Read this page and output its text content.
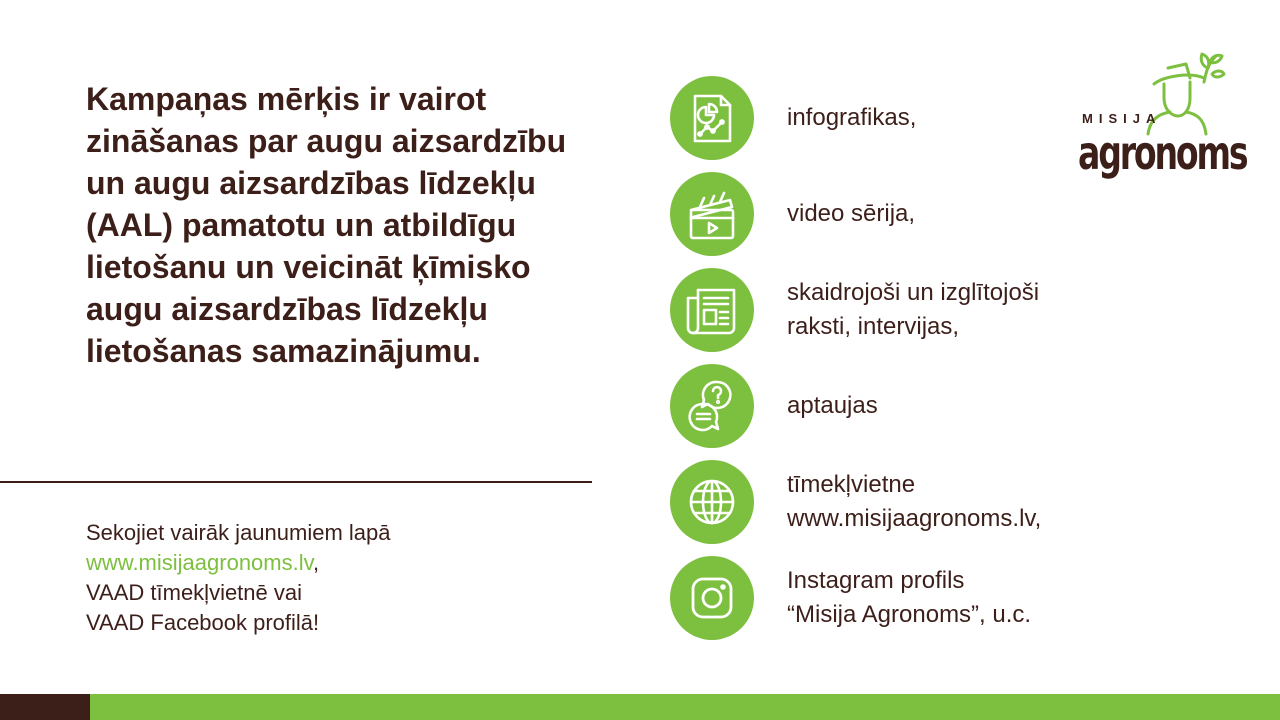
Kampaņas mērķis ir vairot zināšanas par augu aizsardzību un augu aizsardzības līdzekļu (AAL) pamatotu un atbildīgu lietošanu un veicināt ķīmisko augu aizsardzības līdzekļu lietošanas samazinājumu.
Sekojiet vairāk jaunumiem lapā
www.misijaagronoms.lv,
VAAD tīmekļvietnē vai
VAAD Facebook profilā!
infografikas,
video sērija,
skaidrojoši un izglītojoši
raksti, intervijas,
aptaujas
tīmekļvietne
www.misijaagronoms.lv,
Instagram profils
“Misija Agronoms”, u.c.
MISIJA
agronoms
